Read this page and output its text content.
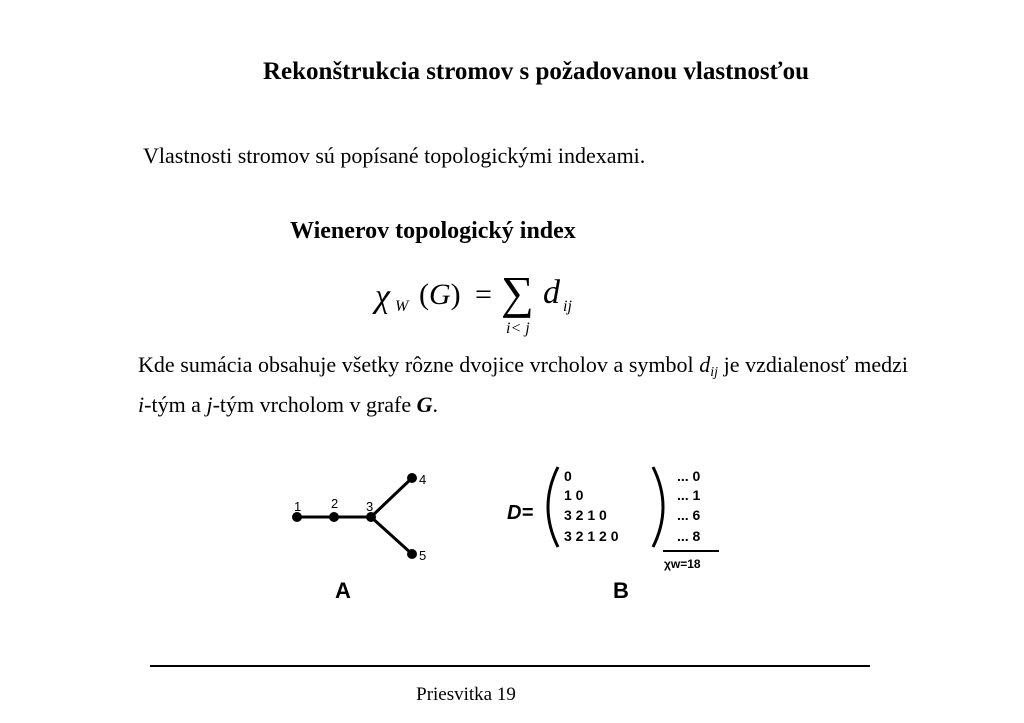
Rekonštrukcia stromov s požadovanou vlastnosťou
Vlastnosti stromov sú popísané topologickými indexami.
Wienerov topologický index
χ W (G) = ∑ d ij
i< j
Kde sumácia obsahuje všetky rôzne dvojice vrcholov a symbol $d_{ij}$ je vzdialenosť medzi i-tým a j-tým vrcholom v grafe G.
1 2 3
4
5
A
D=
0
1 0
3 2 1 0
3 2 1 2 0
... 0
... 1
... 6
... 8
χw=18
B
Priesvitka 19
